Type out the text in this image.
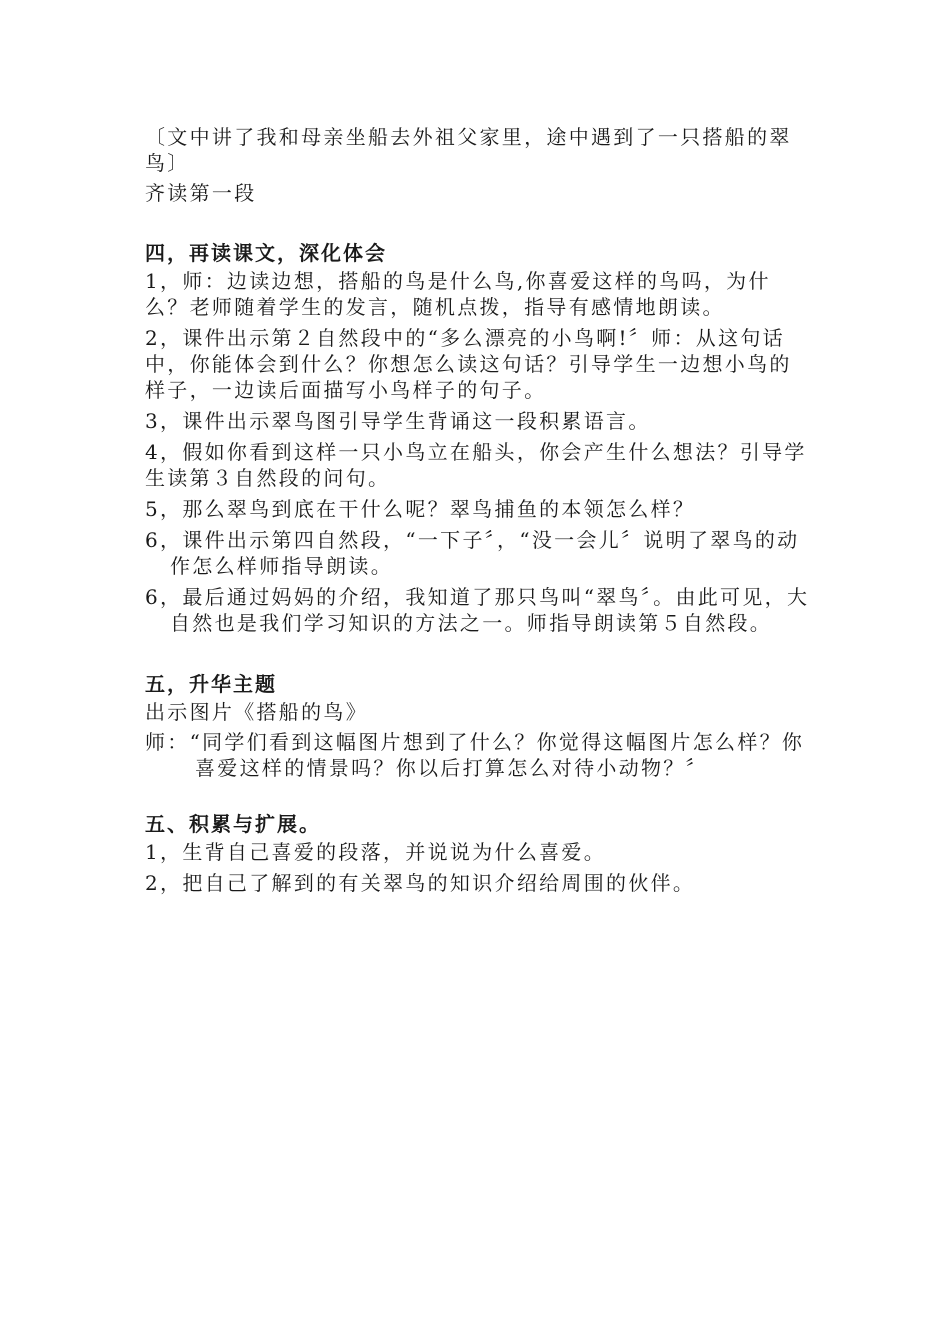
〔文中讲了我和母亲坐船去外祖父家里，途中遇到了一只搭船的翠鸟〕

齐读第一段

四，再读课文，深化体会

1，师：边读边想，搭船的鸟是什么鸟,你喜爱这样的鸟吗，为什么？老师随着学生的发言，随机点拨，指导有感情地朗读。

2，课件出示第２自然段中的“多么漂亮的小鸟啊!〞师：从这句话中，你能体会到什么？你想怎么读这句话？引导学生一边想小鸟的样子，一边读后面描写小鸟样子的句子。

3，课件出示翠鸟图引导学生背诵这一段积累语言。

4，假如你看到这样一只小鸟立在船头，你会产生什么想法？引导学生读第３自然段的问句。

5，那么翠鸟到底在干什么呢？翠鸟捕鱼的本领怎么样？

6，课件出示第四自然段，“一下子〞，“没一会儿〞说明了翠鸟的动作怎么样师指导朗读。

6，最后通过妈妈的介绍，我知道了那只鸟叫“翠鸟〞。由此可见，大自然也是我们学习知识的方法之一。师指导朗读第５自然段。

五，升华主题

出示图片《搭船的鸟》

师：“同学们看到这幅图片想到了什么？你觉得这幅图片怎么样？你喜爱这样的情景吗？你以后打算怎么对待小动物？〞

五、积累与扩展。

1，生背自己喜爱的段落，并说说为什么喜爱。

2，把自己了解到的有关翠鸟的知识介绍给周围的伙伴。
